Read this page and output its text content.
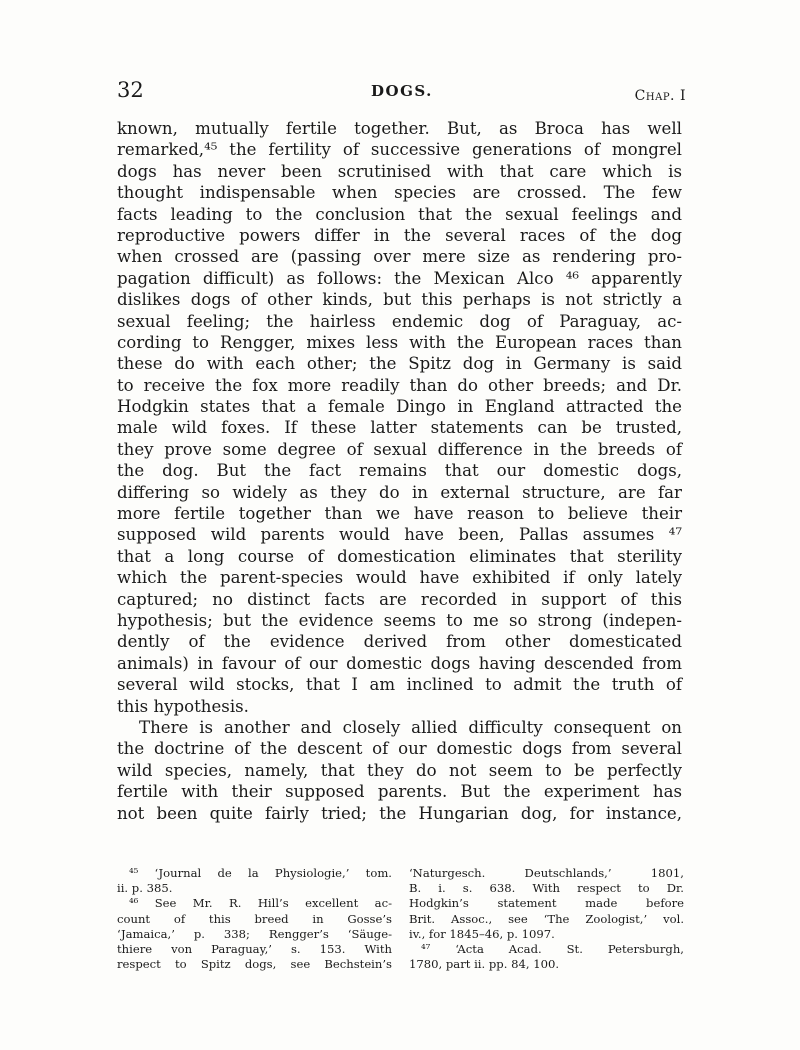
32	DOGS.	Chap. I
known, mutually fertile together. But, as Broca has well
remarked,⁴⁵ the fertility of successive generations of mongrel
dogs has never been scrutinised with that care which is
thought indispensable when species are crossed. The few
facts leading to the conclusion that the sexual feelings and
reproductive powers differ in the several races of the dog
when crossed are (passing over mere size as rendering pro-
pagation difficult) as follows: the Mexican Alco ⁴⁶ apparently
dislikes dogs of other kinds, but this perhaps is not strictly a
sexual feeling; the hairless endemic dog of Paraguay, ac-
cording to Rengger, mixes less with the European races than
these do with each other; the Spitz dog in Germany is said
to receive the fox more readily than do other breeds; and Dr.
Hodgkin states that a female Dingo in England attracted the
male wild foxes. If these latter statements can be trusted,
they prove some degree of sexual difference in the breeds of
the dog. But the fact remains that our domestic dogs,
differing so widely as they do in external structure, are far
more fertile together than we have reason to believe their
supposed wild parents would have been, Pallas assumes ⁴⁷
that a long course of domestication eliminates that sterility
which the parent-species would have exhibited if only lately
captured; no distinct facts are recorded in support of this
hypothesis; but the evidence seems to me so strong (indepen-
dently of the evidence derived from other domesticated
animals) in favour of our domestic dogs having descended from
several wild stocks, that I am inclined to admit the truth of
this hypothesis.
There is another and closely allied difficulty consequent on
the doctrine of the descent of our domestic dogs from several
wild species, namely, that they do not seem to be perfectly
fertile with their supposed parents. But the experiment has
not been quite fairly tried; the Hungarian dog, for instance,
⁴⁵ ‘Journal de la Physiologie,’ tom.
ii. p. 385.
⁴⁶ See Mr. R. Hill’s excellent ac-
count of this breed in Gosse’s
‘Jamaica,’ p. 338; Rengger’s ‘Säuge-
thiere von Paraguay,’ s. 153. With
respect to Spitz dogs, see Bechstein’s
‘Naturgesch. Deutschlands,’ 1801,
B. i. s. 638. With respect to Dr.
Hodgkin’s statement made before
Brit. Assoc., see ‘The Zoologist,’ vol.
iv., for 1845–46, p. 1097.
⁴⁷ ‘Acta Acad. St. Petersburgh,
1780, part ii. pp. 84, 100.
